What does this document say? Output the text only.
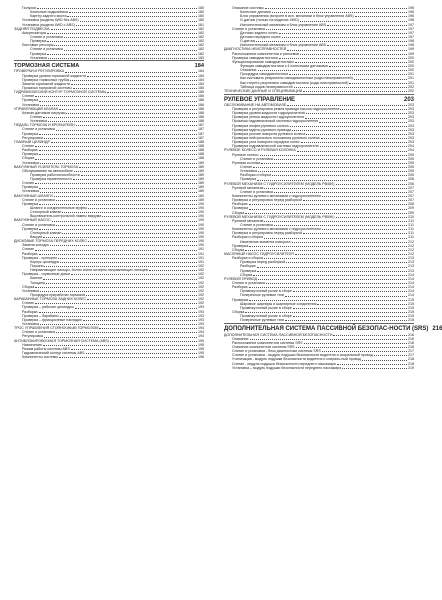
Полуоси	180
Колесные подшипники	180
Картер заднего моста	180
Установка (модели 4WD без ABS)	180
Установка (модели 4WD с ABS)	181
ЗАДНЯЯ ПОДВЕСКА	182
Амортизаторы	182
Снятие и установка	182
Проверка	182
Листовые рессоры	182
Снятие и установка	182
Проверка	182
Установка	183
ТОРМОЗНАЯ СИСТЕМА	184
ПРОВЕРКИ И РЕГУЛИРОВКА	184
Проверка уровня тормозной жидкости	184
Проверка тормозных трубок	184
Замена тормозной жидкости	184
Прокачка тормозной системы	185
ГИДРАВЛИЧЕСКИЙ КОНТУР ТОРМОЗНОЙ СИСТЕМЫ	185
Снятие	186
Проверка	186
Установка	186
УПРАВЛЯЮЩИЙ КЛАПАН	186
Клапан датчиков нагрузки	186
Снятие	186
Установка	186
ПЕДАЛЬ ТОРМОЗА И КРОНШТЕЙН	187
Снятие и установка	187
Проверка	187
Регулировка	187
ГЛАВНЫЙ ЦИЛИНДР	188
Снятие	188
Разборка	188
Проверка	188
Сборка	188
Установка	189
ВАКУУМНЫЙ УСИЛИТЕЛЬ ТОРМОЗА	189
Обслуживание на автомобиле	189
Проверка работоспособности	189
Проверка герметичности	189
Снятие	189
Проверка	189
Установка	189
ВАКУУМНЫЕ ШЛАНГИ	189
Снятие и установка	189
Проверка	190
Шланги и соединительные муфты	190
Стопорный клапан	190
Выключатель контрольной лампы вакуума	190
ВАКУУМНЫЙ НАСОС	190
Снятие и установка	190
Проверка	190
Стопорный клапан	190
Вакуум	190
ДИСКОВЫЕ ТОРМОЗА ПЕРЕДНИХ КОЛЕС	190
Замена колодок	190
Снятие	191
Разборка	191
Проверка - суппорты	191
Корпус цилиндра	191
Поршни	192
Направляющие пальцы, болты и/или штифты направляющих пальцев	192
Проверка - тормозные диски	192
Биение	192
Толщина	192
Сборка	192
Установка	192
Процедура приработки тормозов	192
БАРАБАННЫЕ ТОРМОЗА ЗАДНИХ КОЛЕС	192
Снятие	192
Проверка – рабочие цилиндры	193
Разборка	193
Проверка – барабаны	193
Проверка – фрикционные накладки	193
Установка	193
ТРОС УПРАВЛЕНИЯ СТОЯНОЧНЫМ ТОРМОЗОМ	194
Снятие и установка	194
Регулировка	194
АНТИБЛОКИРОВОЧНАЯ ТОРМОЗНАЯ СИСТЕМА (ABS)	195
Назначение	195
Режим работы системы ABS	195
Гидравлический контур системы ABS	195
Компоненты системы	196
Описание системы	196
Колесные датчики	196
Блок управления (встроен в исп. механизм и блок управления ABS)	196
G-датчик (только на моделях 4WD)	196
Исполнительный механизм и блок управления ABS	197
Снятие и установка	197
Датчики заднего колес	197
Датчики передних колес	197
G-датчик	198
Исполнительный механизм и блок управления ABS	198
ДИАГНОСТИКА НЕИСПРАВНОСТЕЙ	199
Расположение компонентов и разъемов	199
Проверка самодиагностики	200
Функционирование самодиагностики	200
Функция самодиагностики с 4 колесными датчиками	200
Описание	200
Процедура самодиагностики	201
Как считывать результаты самодиагностики (коды неисправностей)	201
Как стереть результаты самодиагностики (коды неисправностей)	201
Таблица кодов неисправностей	202
ТЕХНИЧЕСКИЕ ДАННЫЕ И СПЕЦИФИКАЦИИ	202
РУЛЕВОЕ УПРАВЛЕНИЕ	203
ОБСЛУЖИВАНИЕ НА АВТОМОБИЛЕ	203
Проверка и регулировка ремня привода насоса гидроусилителя	203
Проверка уровня жидкости гидроусилителя	203
Проверка утечки жидкости гидроусилителя	203
Прокачка гидравлической системы гидроусилителя	203
Проверка люфта рулевого колеса	203
Проверка муфты рулевого привода	203
Проверка усилия поворота рулевого колеса	203
Проверка нейтрального положения рулевого колеса	203
Проверка угла поворота передних колес	203
Проверка гидравлической системы гидроусилителя	204
РУЛЕВОЕ КОЛЕСО И РУЛЕВАЯ КОЛОНКА	204
Рулевое колесо	205
Снятие и установка	205
Рулевая колонка	205
Снятие	205
Установка	205
Разборка и сборка	205
Проверка	206
РУЛЕВОЙ МЕХАНИЗМ С ГИДРОУСИЛИТЕЛЕМ (МОДЕЛЬ PB48S)	206
Рулевой механизм	207
Снятие и установка	207
Компоненты рулевого механизма с гидроусилителем	207
Проверка и регулировка перед разборкой	207
Разборка	208
Проверка	209
Сборка	209
РУЛЕВОЙ МЕХАНИЗМ С ГИДРОУСИЛИТЕЛЕМ (МОДЕЛЬ PB59K)	210
Рулевой механизм	211
Снятие и установка	211
Компоненты рулевого механизма с гидроусилителем	211
Проверка и регулировка перед разборкой	211
Разборка и сборка	211
Изменение момента поворота	212
Проверка	212
Сборка	212
МАСЛЯНЫЙ НАСОС ГИДРОУСИЛИТЕЛЯ	212
Разборка и сборка	213
Проверка перед разборкой	213
Разборка	213
Проверка	213
Сборка	214
РУЛЕВОЙ ПРИВОД	214
Снятие и установка	214
Разборка	214
Промежуточный рычаг в сборе	214
Поперечные рулевые тяги	214
Проверка	215
Шаровые шарниры и шарнирные соединения	215
Промежуточный рычаг в сборе	215
Сборка	215
Промежуточный рычаг в сборе	215
Поперечные рулевые тяги	215
ДОПОЛНИТЕЛЬНАЯ СИСТЕМА ПАССИВНОЙ БЕЗОПАС-НОСТИ (SRS) 216
ДОПОЛНИТЕЛЬНАЯ СИСТЕМА ПАССИВНОЙ БЕЗОПАСНОСТИ	216
Описание	216
Расположение компонентов системы SRS	216
Описание компонентов системы SRS	216
Снятие и установка - блок диагностики системы SRS	217
Снятие и установка - модуль подушки безопасности водителя и спиральный провод	217
Утилизация - модуль подушки безопасности водителя и спираль-ный провод	218
Снятие - модуль подушки безопасности переднего пассажира	218
Установка – модуль подушки безопасности переднего пассажира	219
